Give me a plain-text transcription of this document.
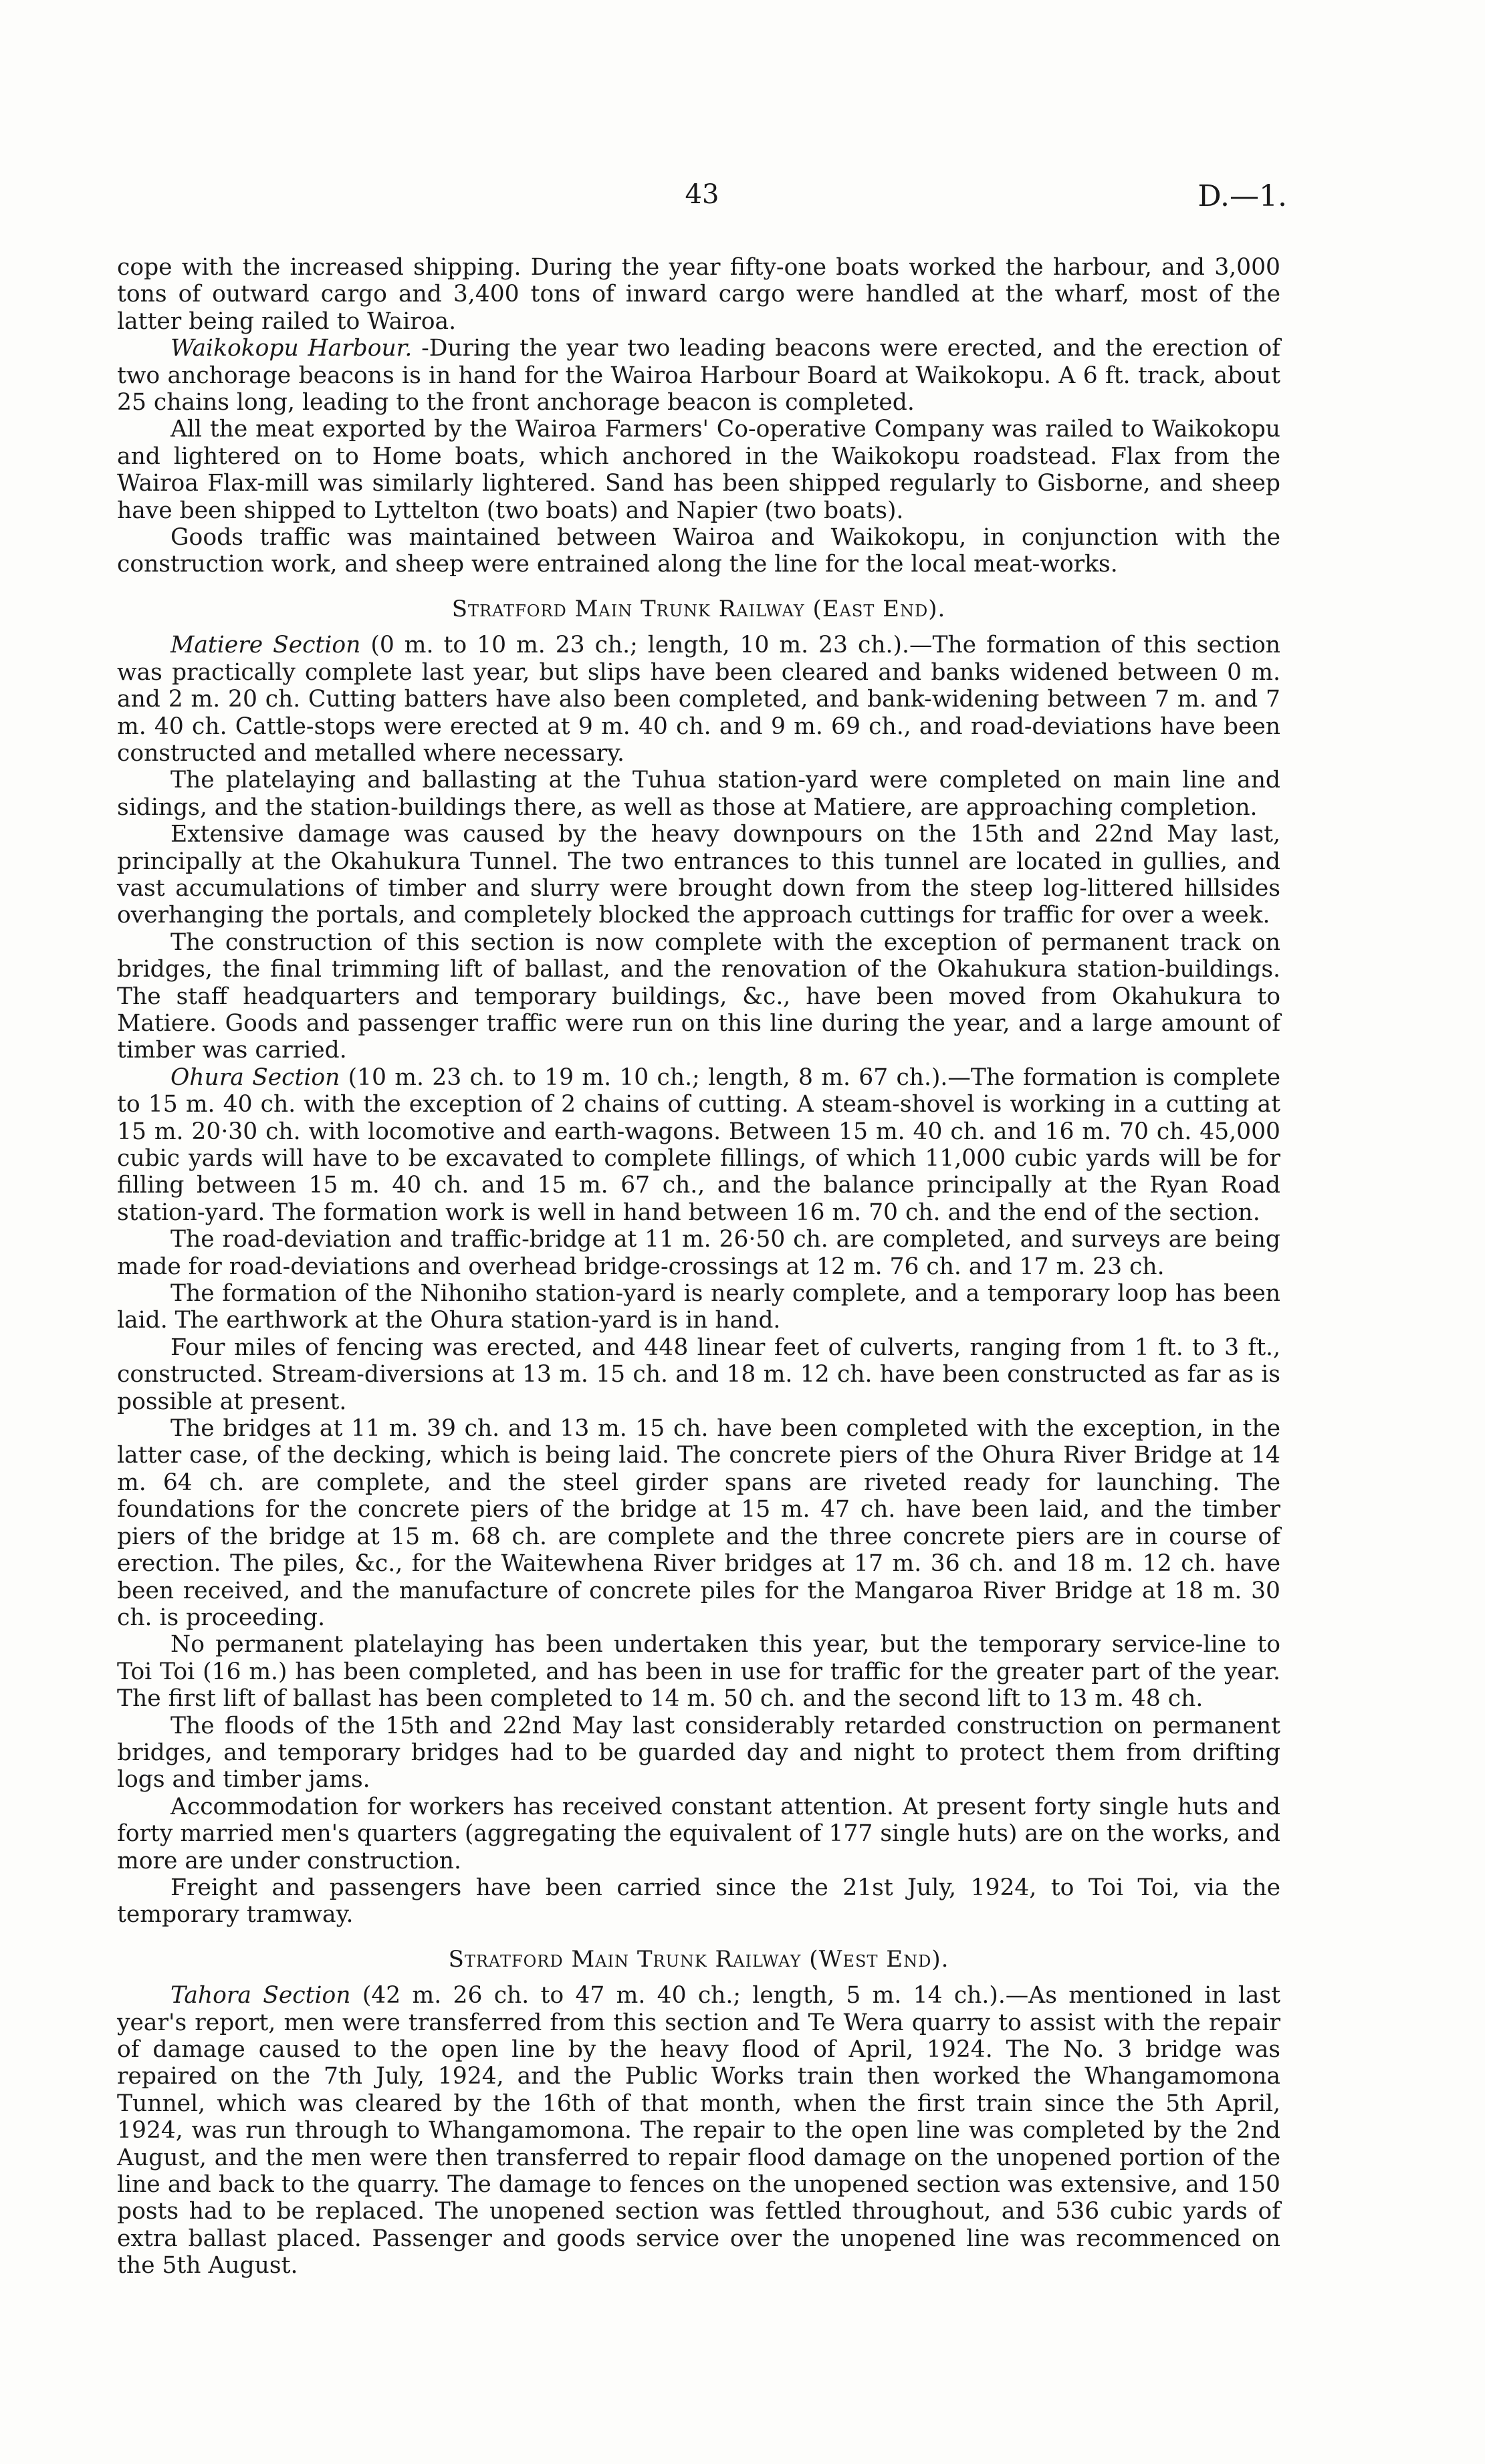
43	D.—1.

cope with the increased shipping. During the year fifty-one boats worked the harbour, and 3,000 tons of outward cargo and 3,400 tons of inward cargo were handled at the wharf, most of the latter being railed to Wairoa.

Waikokopu Harbour. -During the year two leading beacons were erected, and the erection of two anchorage beacons is in hand for the Wairoa Harbour Board at Waikokopu. A 6 ft. track, about 25 chains long, leading to the front anchorage beacon is completed.

All the meat exported by the Wairoa Farmers' Co-operative Company was railed to Waikokopu and lightered on to Home boats, which anchored in the Waikokopu roadstead. Flax from the Wairoa Flax-mill was similarly lightered. Sand has been shipped regularly to Gisborne, and sheep have been shipped to Lyttelton (two boats) and Napier (two boats).

Goods traffic was maintained between Wairoa and Waikokopu, in conjunction with the construction work, and sheep were entrained along the line for the local meat-works.

Stratford Main Trunk Railway (East End).

Matiere Section (0 m. to 10 m. 23 ch.; length, 10 m. 23 ch.).—The formation of this section was practically complete last year, but slips have been cleared and banks widened between 0 m. and 2 m. 20 ch. Cutting batters have also been completed, and bank-widening between 7 m. and 7 m. 40 ch. Cattle-stops were erected at 9 m. 40 ch. and 9 m. 69 ch., and road-deviations have been constructed and metalled where necessary.

The platelaying and ballasting at the Tuhua station-yard were completed on main line and sidings, and the station-buildings there, as well as those at Matiere, are approaching completion.

Extensive damage was caused by the heavy downpours on the 15th and 22nd May last, principally at the Okahukura Tunnel. The two entrances to this tunnel are located in gullies, and vast accumulations of timber and slurry were brought down from the steep log-littered hillsides overhanging the portals, and completely blocked the approach cuttings for traffic for over a week.

The construction of this section is now complete with the exception of permanent track on bridges, the final trimming lift of ballast, and the renovation of the Okahukura station-buildings. The staff headquarters and temporary buildings, &c., have been moved from Okahukura to Matiere. Goods and passenger traffic were run on this line during the year, and a large amount of timber was carried.

Ohura Section (10 m. 23 ch. to 19 m. 10 ch.; length, 8 m. 67 ch.).—The formation is complete to 15 m. 40 ch. with the exception of 2 chains of cutting. A steam-shovel is working in a cutting at 15 m. 20·30 ch. with locomotive and earth-wagons. Between 15 m. 40 ch. and 16 m. 70 ch. 45,000 cubic yards will have to be excavated to complete fillings, of which 11,000 cubic yards will be for filling between 15 m. 40 ch. and 15 m. 67 ch., and the balance principally at the Ryan Road station-yard. The formation work is well in hand between 16 m. 70 ch. and the end of the section.

The road-deviation and traffic-bridge at 11 m. 26·50 ch. are completed, and surveys are being made for road-deviations and overhead bridge-crossings at 12 m. 76 ch. and 17 m. 23 ch.

The formation of the Nihoniho station-yard is nearly complete, and a temporary loop has been laid. The earthwork at the Ohura station-yard is in hand.

Four miles of fencing was erected, and 448 linear feet of culverts, ranging from 1 ft. to 3 ft., constructed. Stream-diversions at 13 m. 15 ch. and 18 m. 12 ch. have been constructed as far as is possible at present.

The bridges at 11 m. 39 ch. and 13 m. 15 ch. have been completed with the exception, in the latter case, of the decking, which is being laid. The concrete piers of the Ohura River Bridge at 14 m. 64 ch. are complete, and the steel girder spans are riveted ready for launching. The foundations for the concrete piers of the bridge at 15 m. 47 ch. have been laid, and the timber piers of the bridge at 15 m. 68 ch. are complete and the three concrete piers are in course of erection. The piles, &c., for the Waitewhena River bridges at 17 m. 36 ch. and 18 m. 12 ch. have been received, and the manufacture of concrete piles for the Mangaroa River Bridge at 18 m. 30 ch. is proceeding.

No permanent platelaying has been undertaken this year, but the temporary service-line to Toi Toi (16 m.) has been completed, and has been in use for traffic for the greater part of the year. The first lift of ballast has been completed to 14 m. 50 ch. and the second lift to 13 m. 48 ch.

The floods of the 15th and 22nd May last considerably retarded construction on permanent bridges, and temporary bridges had to be guarded day and night to protect them from drifting logs and timber jams.

Accommodation for workers has received constant attention. At present forty single huts and forty married men's quarters (aggregating the equivalent of 177 single huts) are on the works, and more are under construction.

Freight and passengers have been carried since the 21st July, 1924, to Toi Toi, via the temporary tramway.

Stratford Main Trunk Railway (West End).

Tahora Section (42 m. 26 ch. to 47 m. 40 ch.; length, 5 m. 14 ch.).—As mentioned in last year's report, men were transferred from this section and Te Wera quarry to assist with the repair of damage caused to the open line by the heavy flood of April, 1924. The No. 3 bridge was repaired on the 7th July, 1924, and the Public Works train then worked the Whangamomona Tunnel, which was cleared by the 16th of that month, when the first train since the 5th April, 1924, was run through to Whangamomona. The repair to the open line was completed by the 2nd August, and the men were then transferred to repair flood damage on the unopened portion of the line and back to the quarry. The damage to fences on the unopened section was extensive, and 150 posts had to be replaced. The unopened section was fettled throughout, and 536 cubic yards of extra ballast placed. Passenger and goods service over the unopened line was recommenced on the 5th August.
